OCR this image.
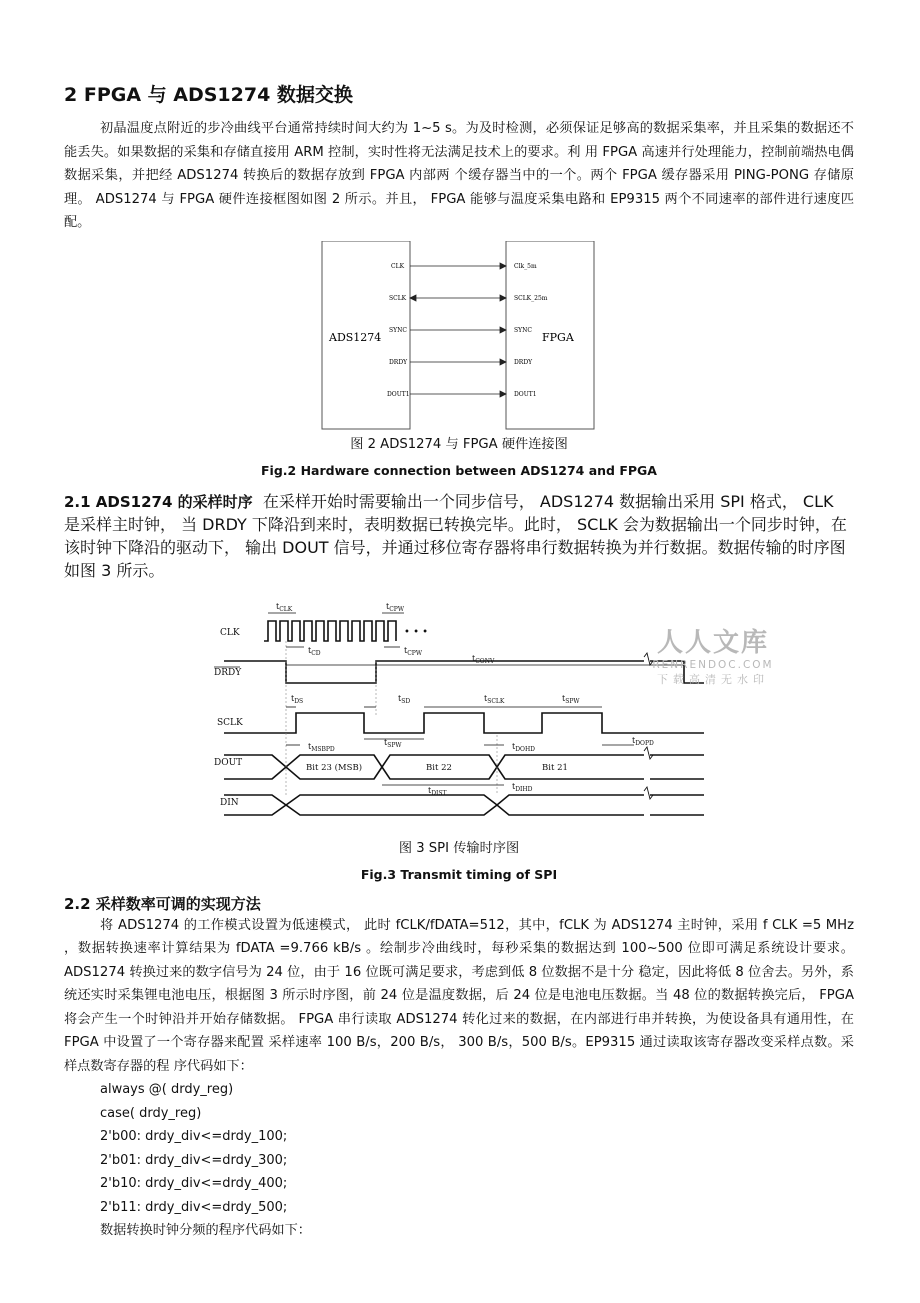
2 FPGA 与 ADS1274 数据交换

初晶温度点附近的步冷曲线平台通常持续时间大约为 1~5 s。为及时检测，必须保证足够高的数据采集率，并且采集的数据还不能丢失。如果数据的采集和存储直接用 ARM 控制，实时性将无法满足技术上的要求。利 用 FPGA 高速并行处理能力，控制前端热电偶数据采集，并把经 ADS1274 转换后的数据存放到 FPGA 内部两 个缓存器当中的一个。两个 FPGA 缓存器采用 PING-PONG 存储原理。 ADS1274 与 FPGA 硬件连接框图如图 2 所示。并且， FPGA 能够与温度采集电路和 EP9315 两个不同速率的部件进行速度匹配。

ADS1274	FPGA
CLK
SCLK
SYNC
DRDY
DOUT1
Clk_5m
SCLK_25m
SYNC
DRDY
DOUT1

图 2 ADS1274 与 FPGA 硬件连接图

Fig.2 Hardware connection between ADS1274 and FPGA

2.1 ADS1274 的采样时序 在采样开始时需要输出一个同步信号， ADS1274 数据输出采用 SPI 格式， CLK 是采样主时钟， 当 DRDY 下降沿到来时，表明数据已转换完毕。此时， SCLK 会为数据输出一个同步时钟，在该时钟下降沿的驱动下， 输出 DOUT 信号，并通过移位寄存器将串行数据转换为并行数据。数据传输的时序图如图 3 所示。

CLK
DRDY
SCLK
DOUT
DIN
$t_{CLK}$	$t_{CPW}$
$t_{CD}$	$t_{CPW}$
$t_{CONV}$
$t_{DS}$	$t_{SD}$	$t_{SCLK}$	$t_{SPW}$
$t_{SPW}$
$t_{MSBPD}$	$t_{DOHD}$
$t_{DOPD}$
$t_{DIST}$
$t_{DIHD}$
Bit 23 (MSB)	Bit 22	Bit 21
• • •

图 3 SPI 传输时序图

Fig.3 Transmit timing of SPI

2.2 采样数率可调的实现方法

将 ADS1274 的工作模式设置为低速模式， 此时 fCLK/fDATA=512，其中，fCLK 为 ADS1274 主时钟，采用 f CLK =5 MHz ，数据转换速率计算结果为 fDATA =9.766 kB/s 。绘制步冷曲线时，每秒采集的数据达到 100~500 位即可满足系统设计要求。 ADS1274 转换过来的数字信号为 24 位，由于 16 位既可满足要求，考虑到低 8 位数据不是十分 稳定，因此将低 8 位舍去。另外，系统还实时采集锂电池电压，根据图 3 所示时序图，前 24 位是温度数据，后 24 位是电池电压数据。当 48 位的数据转换完后， FPGA 将会产生一个时钟沿并开始存储数据。 FPGA 串行读取 ADS1274 转化过来的数据，在内部进行串并转换，为使设备具有通用性，在 FPGA 中设置了一个寄存器来配置 采样速率 100 B/s，200 B/s， 300 B/s，500 B/s。EP9315 通过读取该寄存器改变采样点数。采样点数寄存器的程 序代码如下：

always @( drdy_reg)
case( drdy_reg)
2'b00: drdy_div<=drdy_100;
2'b01: drdy_div<=drdy_300;
2'b10: drdy_div<=drdy_400;
2'b11: drdy_div<=drdy_500;

数据转换时钟分频的程序代码如下：

人人文库
RENRENDOC.COM
下载高清无水印
